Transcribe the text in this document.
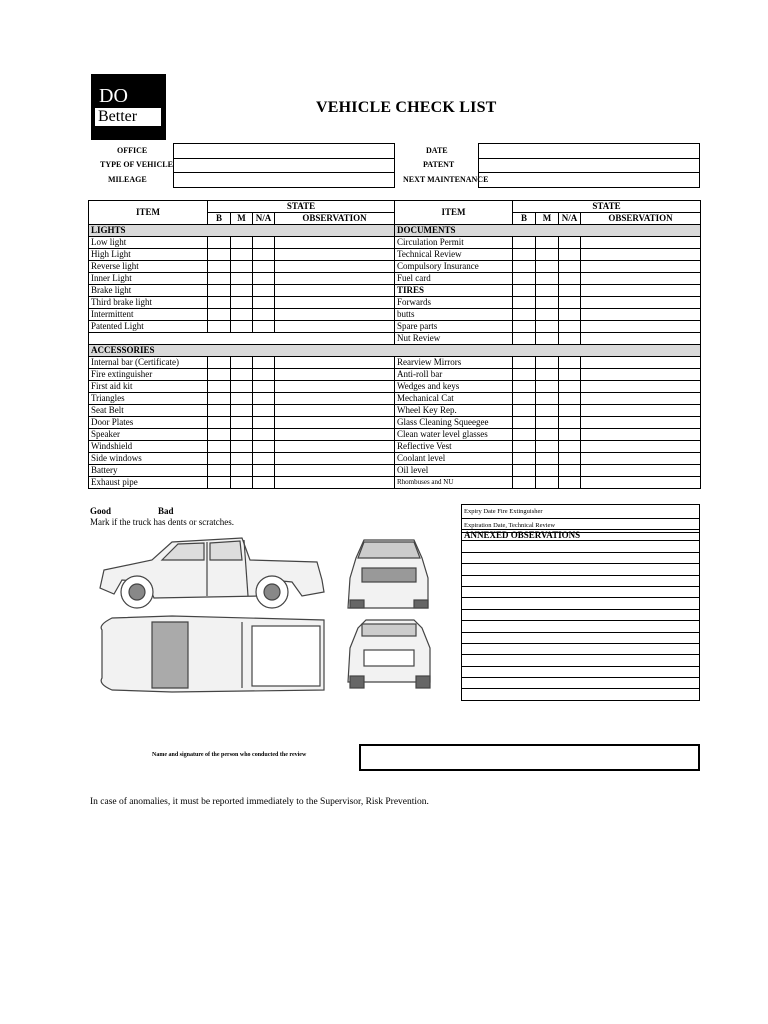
DO
Better
VEHICLE CHECK LIST
OFFICE
TYPE OF VEHICLE
MILEAGE
DATE
PATENT
NEXT MAINTENANCE
ITEM	STATE				ITEM	STATE			
	B	M	N/A	OBSERVATION		B	M	N/A	OBSERVATION
LIGHTS					DOCUMENTS				
Low light					Circulation Permit				
High Light					Technical Review				
Reverse light					Compulsory Insurance				
Inner Light					Fuel card				
Brake light					TIRES				
Third brake light					Forwards				
Intermittent					butts				
Patented Light					Spare parts				
					Nut Review				
ACCESSORIES									
Internal bar (Certificate)					Rearview Mirrors				
Fire extinguisher					Anti-roll bar				
First aid kit					Wedges and keys				
Triangles					Mechanical Cat				
Seat Belt					Wheel Key Rep.				
Door Plates					Glass Cleaning Squeegee				
Speaker					Clean water level glasses				
Windshield					Reflective Vest				
Side windows					Coolant level				
Battery					Oil level				
Exhaust pipe					Rhombuses and NU				
Good	Bad
Mark if the truck has dents or scratches.
Expiry Date Fire Extinguisher
Expiration Date, Technical Review
ANNEXED OBSERVATIONS

Name and signature of the person who conducted the review
In case of anomalies, it must be reported immediately to the Supervisor, Risk Prevention.
